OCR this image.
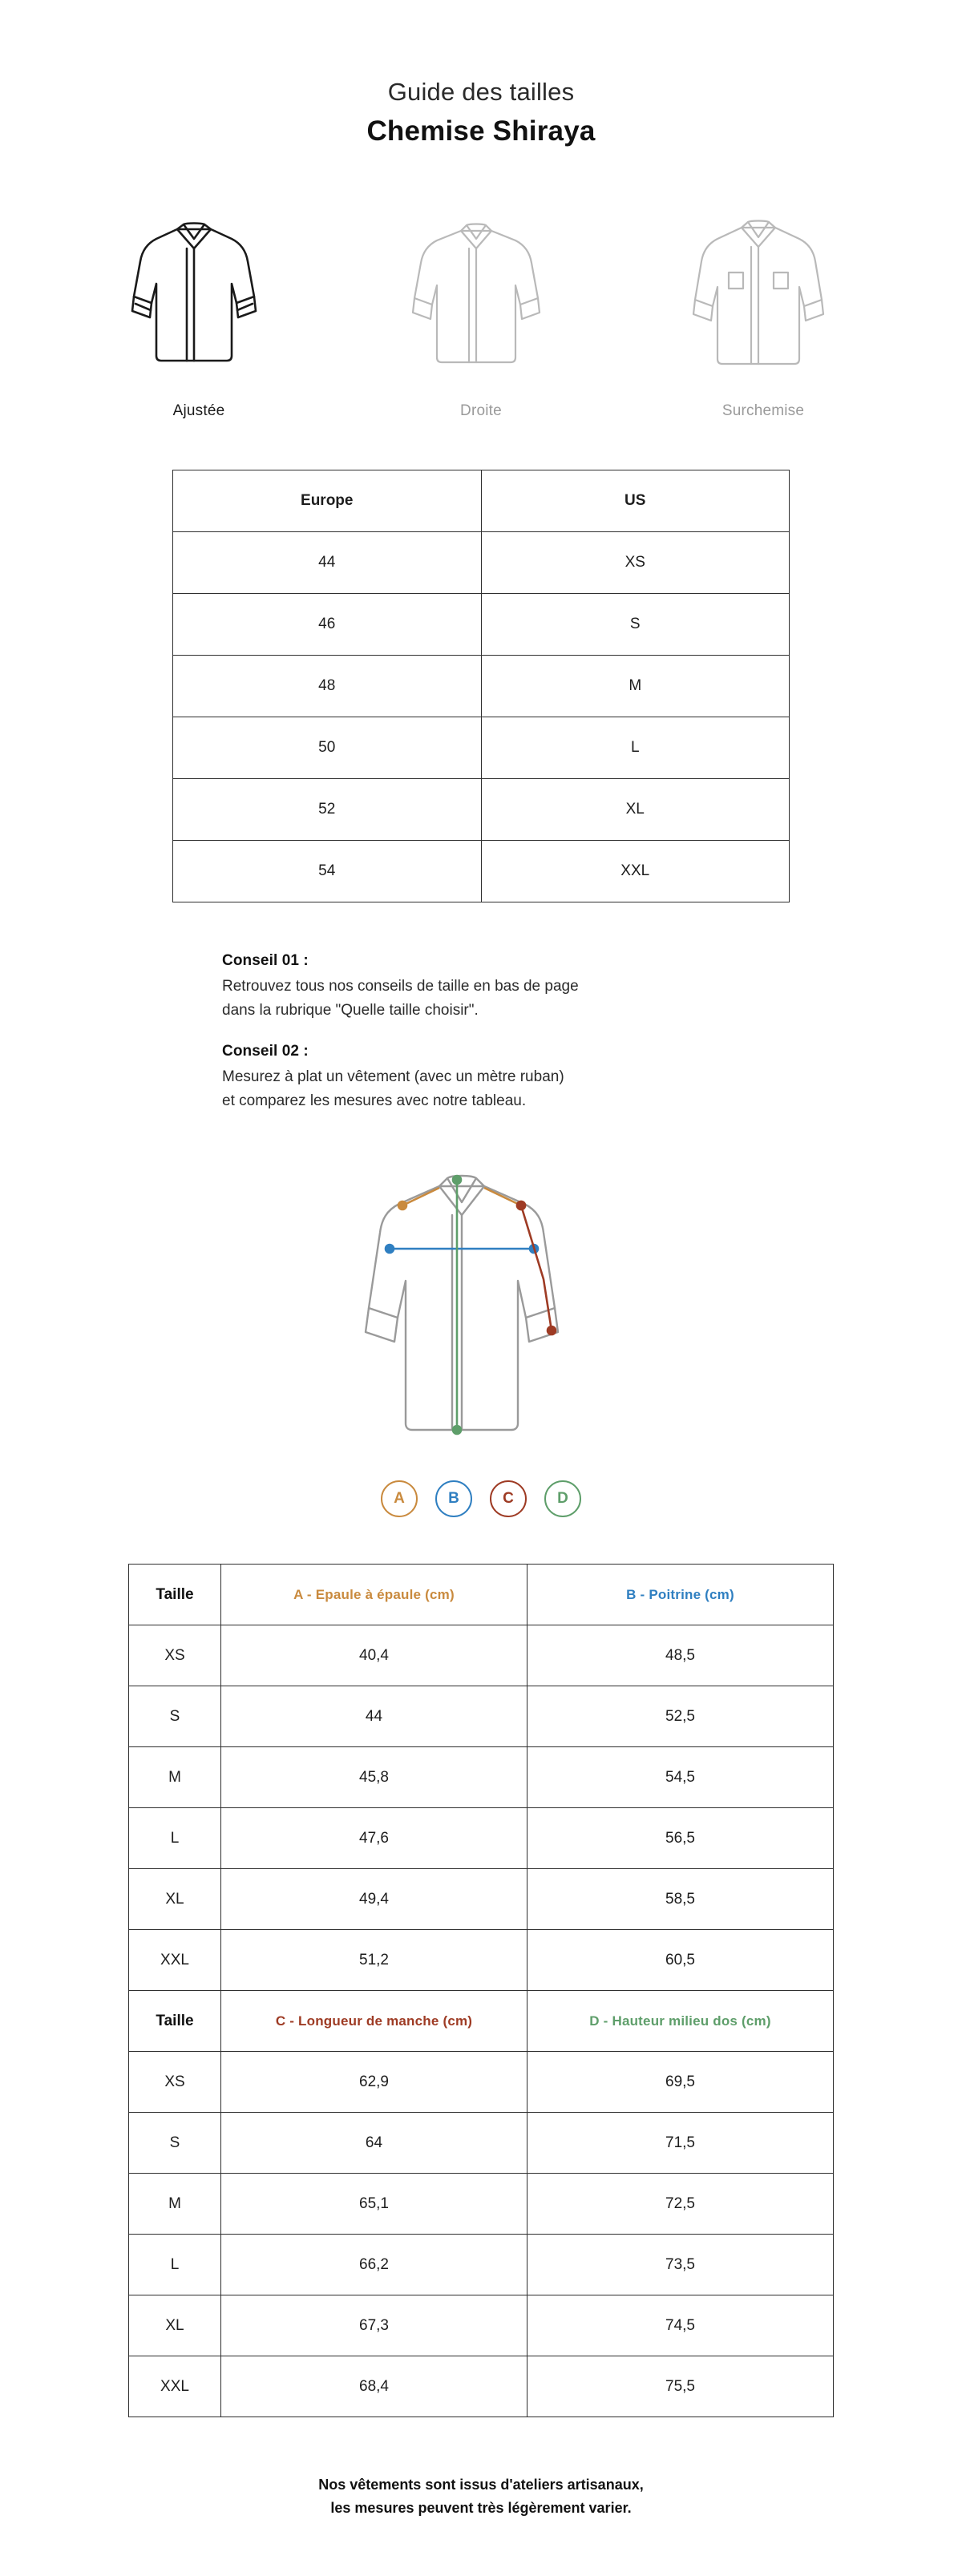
Guide des tailles
Chemise Shiraya
Ajustée	Droite	Surchemise
Europe	US
44	XS
46	S
48	M
50	L
52	XL
54	XXL
Conseil 01 :
Retrouvez tous nos conseils de taille en bas de page
dans la rubrique "Quelle taille choisir".
Conseil 02 :
Mesurez à plat un vêtement (avec un mètre ruban)
et comparez les mesures avec notre tableau.
A	B	C	D
Taille	A - Epaule à épaule (cm)	B - Poitrine (cm)
XS	40,4	48,5
S	44	52,5
M	45,8	54,5
L	47,6	56,5
XL	49,4	58,5
XXL	51,2	60,5
Taille	C - Longueur de manche (cm)	D - Hauteur milieu dos (cm)
XS	62,9	69,5
S	64	71,5
M	65,1	72,5
L	66,2	73,5
XL	67,3	74,5
XXL	68,4	75,5
Nos vêtements sont issus d'ateliers artisanaux,
les mesures peuvent très légèrement varier.
